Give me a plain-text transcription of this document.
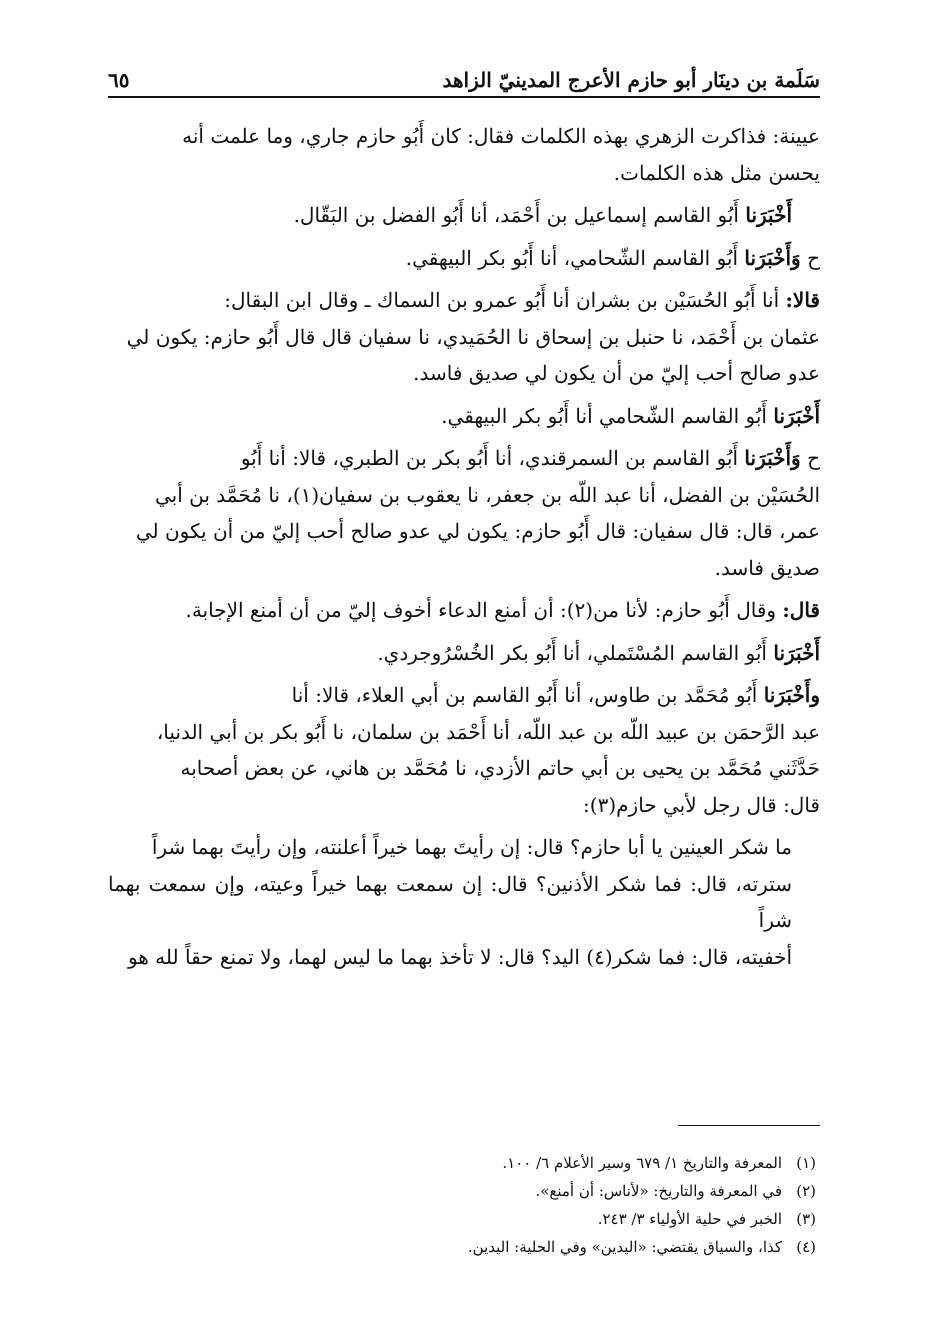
سَلَمة بن دينَار أبو حازم الأعرج المدينيّ الزاهد
٦٥

عيينة: فذاكرت الزهري بهذه الكلمات فقال: كان أَبُو حازم جاري، وما علمت أنه
يحسن مثل هذه الكلمات.

أَخْبَرَنا أَبُو القاسم إسماعيل بن أَحْمَد، أنا أَبُو الفضل بن البَقّال.

ح وَأَخْبَرَنا أَبُو القاسم الشّحامي، أنا أَبُو بكر البيهقي.

قالا: أنا أَبُو الحُسَيْن بن بشران أنا أَبُو عمرو بن السماك ـ وقال ابن البقال:
عثمان بن أَحْمَد، نا حنبل بن إسحاق نا الحُمَيدي، نا سفيان قال قال أَبُو حازم: يكون لي
عدو صالح أحب إليّ من أن يكون لي صديق فاسد.

أَخْبَرَنا أَبُو القاسم الشّحامي أنا أَبُو بكر البيهقي.

ح وَأَخْبَرَنا أَبُو القاسم بن السمرقندي، أنا أَبُو بكر بن الطبري، قالا: أنا أَبُو
الحُسَيْن بن الفضل، أنا عبد اللّه بن جعفر، نا يعقوب بن سفيان(١)، نا مُحَمَّد بن أبي
عمر، قال: قال سفيان: قال أَبُو حازم: يكون لي عدو صالح أحب إليّ من أن يكون لي
صديق فاسد.

قال: وقال أَبُو حازم: لأنا من(٢): أن أمنع الدعاء أخوف إليّ من أن أمنع الإجابة.

أَخْبَرَنا أَبُو القاسم المُسْتَملي، أنا أَبُو بكر الخُسْرُوجردي.

وأَخْبَرَنا أَبُو مُحَمَّد بن طاوس، أنا أَبُو القاسم بن أبي العلاء، قالا: أنا
عبد الرَّحمَن بن عبيد اللّه بن عبد اللّه، أنا أَحْمَد بن سلمان، نا أَبُو بكر بن أبي الدنيا،
حَدَّثَني مُحَمَّد بن يحيى بن أبي حاتم الأزدي، نا مُحَمَّد بن هاني، عن بعض أصحابه
قال: قال رجل لأبي حازم(٣):

ما شكر العينين يا أبا حازم؟ قال: إن رأيتَ بهما خيراً أعلنته، وإن رأيتَ بهما شراً
سترته، قال: فما شكر الأذنين؟ قال: إن سمعت بهما خيراً وعيته، وإن سمعت بهما شراً
أخفيته، قال: فما شكر(٤) اليد؟ قال: لا تأخذ بهما ما ليس لهما، ولا تمنع حقاً لله هو

(١)المعرفة والتاريخ ١/ ٦٧٩ وسير الأعلام ٦/ ١٠٠.

(٢)في المعرفة والتاريخ: «لأناس: أن أمنع».

(٣)الخبر في حلية الأولياء ٣/ ٢٤٣.

(٤)كذا، والسياق يقتضي: «اليدين» وفي الحلية: اليدين.
